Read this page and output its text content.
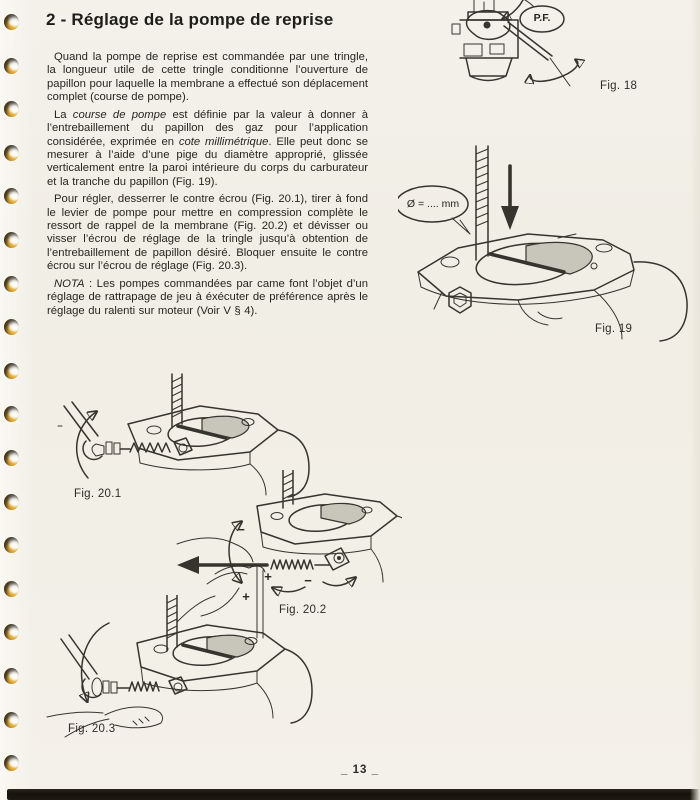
2 - Réglage de la pompe de reprise

Quand la pompe de reprise est commandée par une tringle, la longueur utile de cette tringle conditionne l’ouverture de papillon pour laquelle la membrane a effectué son déplacement complet (course de pompe).

La course de pompe est définie par la valeur à donner à l’entrebaillement du papillon des gaz pour l’application considérée, exprimée en cote millimétrique. Elle peut donc se mesurer à l’aide d’une pige du diamètre approprié, glissée verticalement entre la paroi intérieure du corps du carburateur et la tranche du papillon (Fig. 19).

Pour régler, desserrer le contre écrou (Fig. 20.1), tirer à fond le levier de pompe pour mettre en compression complète le ressort de rappel de la membrane (Fig. 20.2) et dévisser ou visser l’écrou de réglage de la tringle jusqu’à obtention de l’entrebaillement de papillon désiré. Bloquer ensuite le contre écrou sur l’écrou de réglage (Fig. 20.3).

NOTA : Les pompes commandées par came font l’objet d’un réglage de rattrapage de jeu à éxécuter de préférence après le réglage du ralenti sur moteur (Voir V § 4).

P.F.
Fig. 18
Ø = .... mm
Fig. 19
Fig. 20.1
−
+
+ −
Fig. 20.2
Fig. 20.3
_ 13 _
